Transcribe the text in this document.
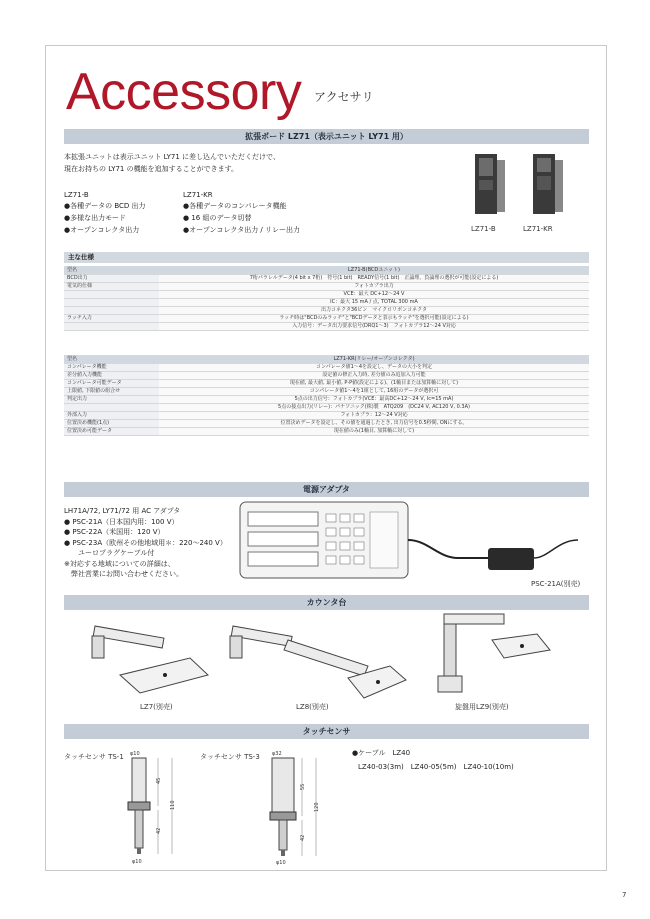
Accessory アクセサリ
拡張ボード LZ71（表示ユニット LY71 用）
本拡張ユニットは表示ユニット LY71 に差し込んでいただくだけで、
現在お持ちの LY71 の機能を追加することができます。
LZ71-B
●各種データの BCD 出力
●多様な出力モード
●オープンコレクタ出力
LZ71-KR
●各種データのコンパレータ機能
● 16 組のデータ切替
●オープンコレクタ出力 / リレー出力	LZ71-B	LZ71-KR
主な仕様
型名	LZ71-B(BCDユニット)
BCD出力	7桁パラレルデータ(4 bit x 7桁)　符号(1 bit)　READY信号(1 bit)　正論理、負論理の選択が可能(設定による)
電気的仕様	フォトカプラ出力
	VCE：最大 DC+12〜24 V
	IC：最大 15 mA / 点, TOTAL 300 mA
	出力コネクタ36ピン　マイクロリボンコネクタ
ラッチ入力	ラッチ時は"BCDのみラッチ"と"BCDデータと表示もラッチ"を選択可能(設定による)
	入力信号：データ出力要求信号(DRQ1〜3)　フォトカプラ12〜24 V対応
型名	LZ71-KR(リレー/オープンコレクタ)
コンパレータ機能	コンパレータ値1〜4を設定し、データの大小を判定
差分値入力機能	設定値の修正入力時, 差分値のみ追加入力可能
コンパレータ可能データ	現在値, 最大値, 最小値, P-P値(設定による)、(1軸目または加算軸に対して)
上限値, 下限値の組合せ	コンパレータ値1〜4を1組として, 16組のデータが選択可
判定出力	5点の出力信号：フォトカプラ(VCE：最高DC+12〜24 V, Ic=15 mA)
	5点の接点出力(リレー)：パナソニック(株)製　ATQ209　(DC24 V, AC120 V, 0.3A)
外部入力	フォトカプラ：12〜24 V対応
位置決め機能(1点)	位置決めデータを設定し、その値を通過したとき, 出力信号を0.5秒間, ONにする。
位置決め可能データ	現在値のみ(1軸目, 加算軸に対して)
電源アダプタ
LH71A/72, LY71/72 用 AC アダプタ
● PSC-21A（日本国内用：100 V）
● PSC-22A（米国用：120 V）
● PSC-23A（欧州その他地域用＊：220〜240 V）
　　ユーロプラグケーブル付
※対応する地域についての詳細は、
　弊社営業にお問い合わせください。
PSC-21A(別売)
カウンタ台
LZ7(別売)	LZ8(別売)	旋盤用LZ9(別売)
タッチセンサ
タッチセンサ TS-1	タッチセンサ TS-3
φ10
45
110
42
φ10
φ32
55
120
42
φ10
●ケーブル　LZ40
LZ40-03(3m)　LZ40-05(5m)　LZ40-10(10m)
7
